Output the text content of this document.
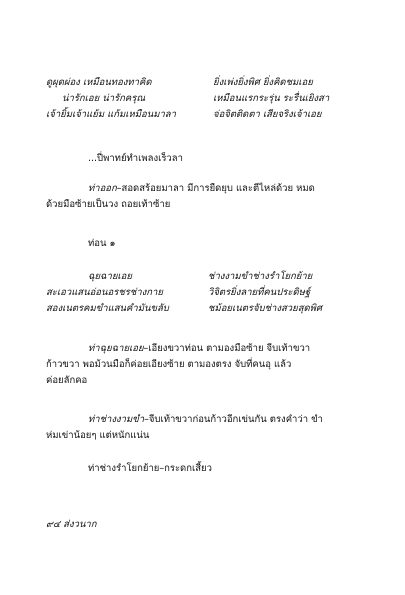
ดูผุดผ่อง เหมือนทองทาคิด	ยิ่งเพ่งยิ่งพิศ ยิ่งคิดชมเอย
น่ารักเอย น่ารักครุณ	เหมือนแรกระรุ่น ระรื่นเยิงสา
เจ้ายิ้มเจ้าแย้ม แก้มเหมือนมาลา	จ่อจิตติดตา เสียจริงเจ้าเอย
...ปี่พาทย์ทำเพลงเร็วลา
ท่าออก–สอดสร้อยมาลา มีการยืดยุบ และตีไหล่ด้วย หมด
ด้วยมือซ้ายเป็นวง ถอยเท้าซ้าย
ท่อน ๑
ฉุยฉายเอย	ช่างงามขำช่างรำโยกย้าย
สะเอวแสนอ่อนอรชรช่างกาย	วิจิตรยิ่งลายที่คนประดิษฐ์
สองเนตรคมขำแสนคำมันขลับ	ชม้อยเนตรจับช่างสวยสุดพิศ
ท่าฉุยฉายเอย–เอียงขวาท่อน ตามองมือซ้าย จีบเท้าขวา
ก้าวขวา พอม้วนมือก็ค่อยเอียงซ้าย ตามองตรง จับที่คนอุ แล้ว
ค่อยลักคอ
ท่าช่างงามขำ–จีบเท้าขวาก่อนก้าวอีกเข่นกัน ตรงคำว่า ขำ
ห่มเข่าน้อยๆ แต่หนักแน่น
ท่าช่างรำโยกย้าย–กระดกเสี้ยว
๙๔ ส่งวนาก
